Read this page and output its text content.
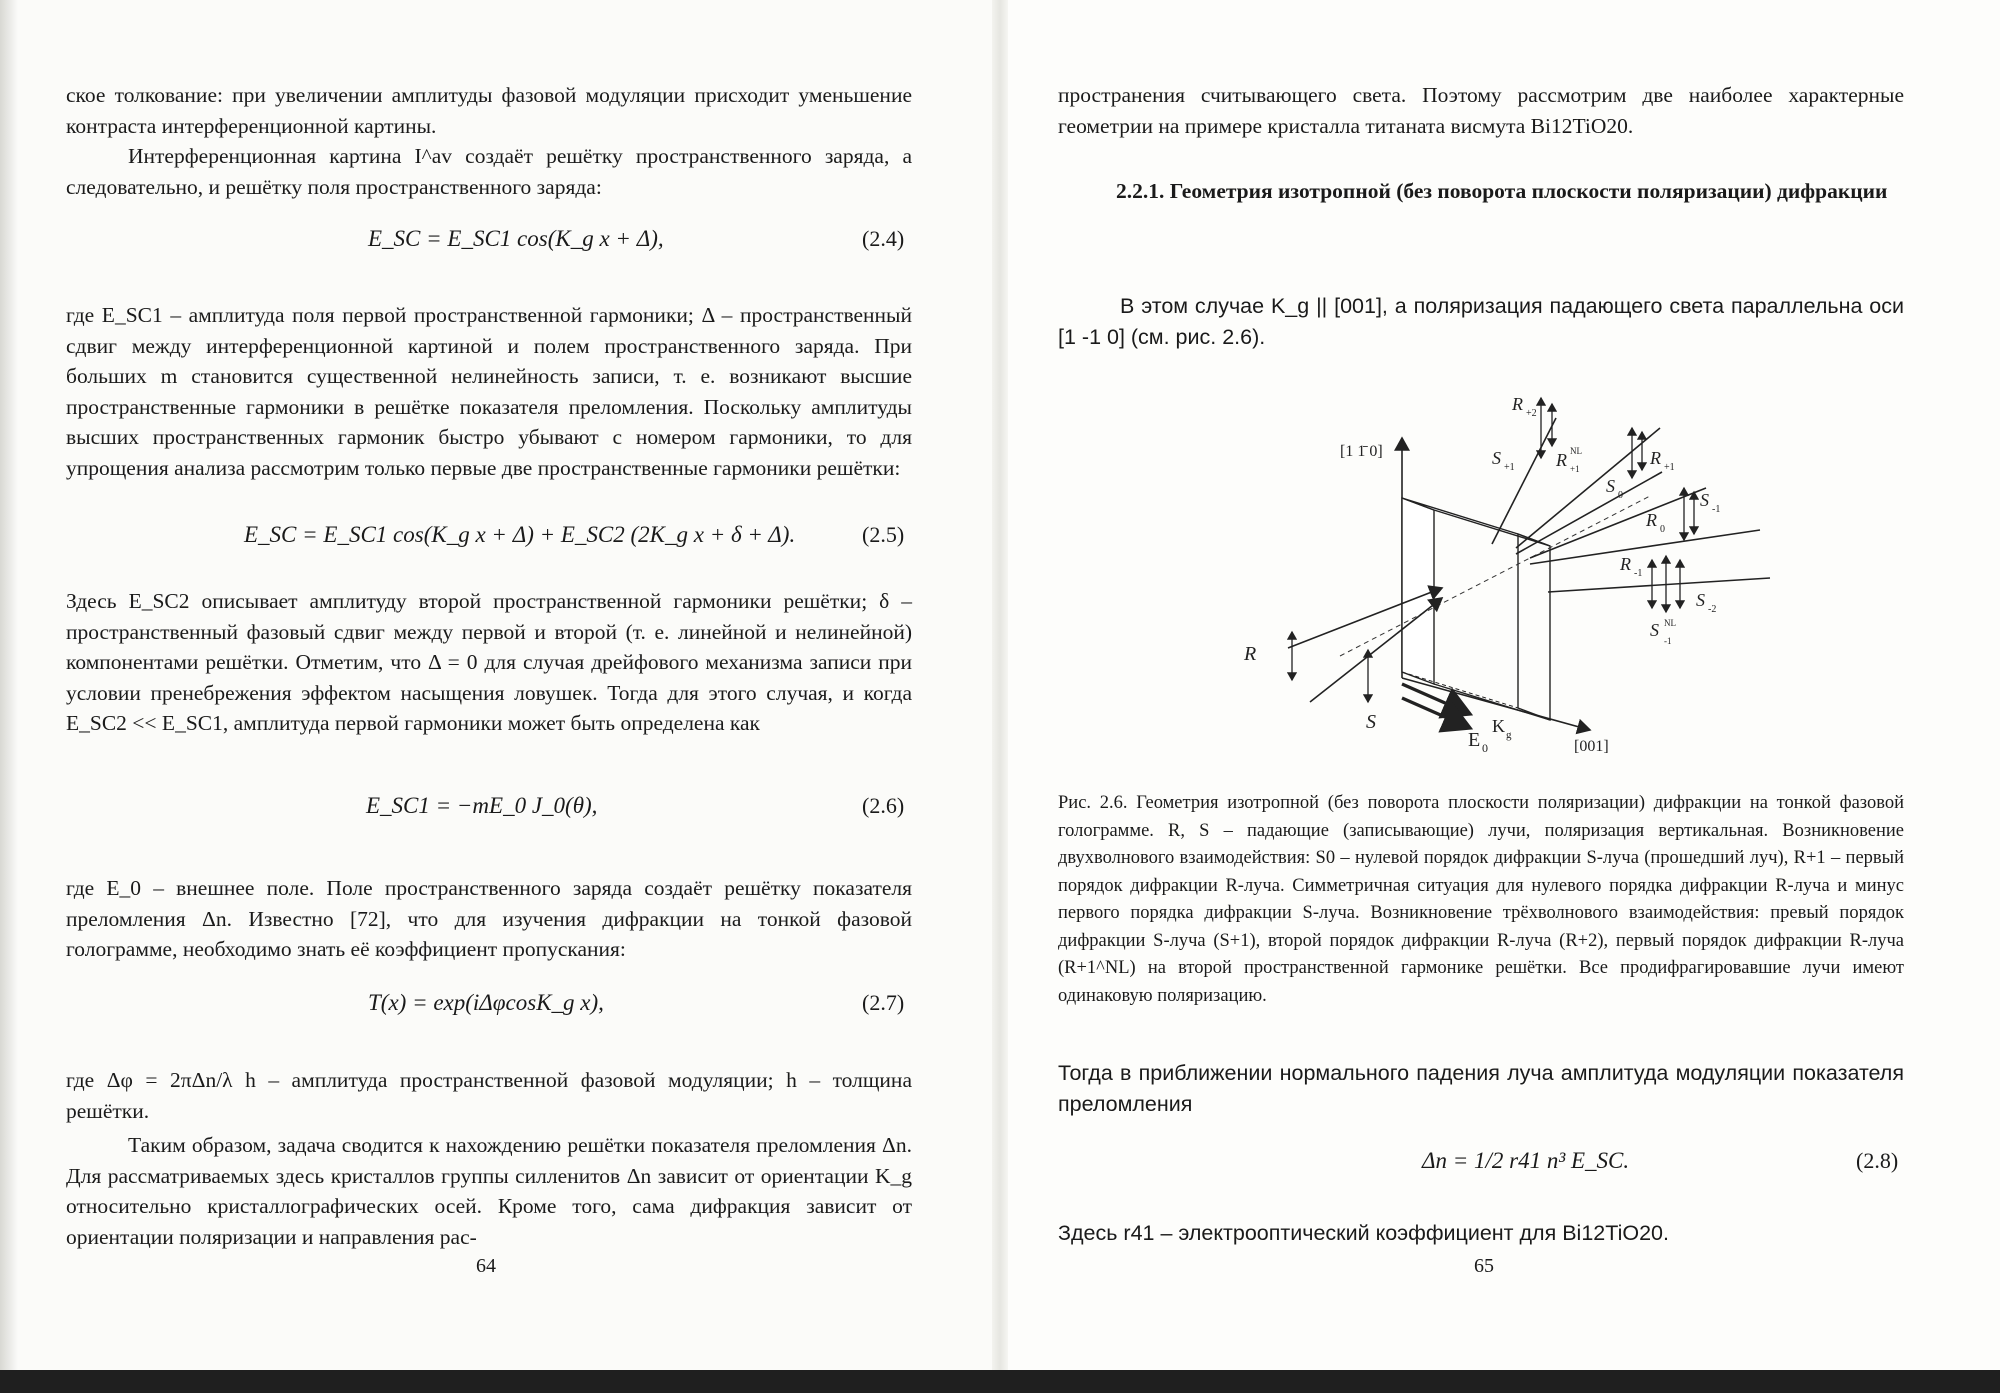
ское толкование: при увеличении амплитуды фазовой модуляции присходит уменьшение контраста интерференционной картины.

Интерференционная картина I^av создаёт решётку пространственного заряда, а следовательно, и решётку поля пространственного заряда:

E_SC = E_SC1 cos(K_g x + Δ),	(2.4)

где E_SC1 – амплитуда поля первой пространственной гармоники; Δ – пространственный сдвиг между интерференционной картиной и полем пространственного заряда. При больших m становится существенной нелинейность записи, т. е. возникают высшие пространственные гармоники в решётке показателя преломления. Поскольку амплитуды высших пространственных гармоник быстро убывают с номером гармоники, то для упрощения анализа рассмотрим только первые две пространственные гармоники решётки:

E_SC = E_SC1 cos(K_g x + Δ) + E_SC2 (2K_g x + δ + Δ).	(2.5)

Здесь E_SC2 описывает амплитуду второй пространственной гармоники решётки; δ – пространственный фазовый сдвиг между первой и второй (т. е. линейной и нелинейной) компонентами решётки. Отметим, что Δ = 0 для случая дрейфового механизма записи при условии пренебрежения эффектом насыщения ловушек. Тогда для этого случая, и когда E_SC2 << E_SC1, амплитуда первой гармоники может быть определена как

E_SC1 = −mE_0 J_0(θ),	(2.6)

где E_0 – внешнее поле. Поле пространственного заряда создаёт решётку показателя преломления Δn. Известно [72], что для изучения дифракции на тонкой фазовой голограмме, необходимо знать её коэффициент пропускания:

T(x) = exp(iΔφcosK_g x),	(2.7)

где Δφ = 2πΔn/λ h – амплитуда пространственной фазовой модуляции; h – толщина решётки.

Таким образом, задача сводится к нахождению решётки показателя преломления Δn. Для рассматриваемых здесь кристаллов группы силленитов Δn зависит от ориентации K_g относительно кристаллографических осей. Кроме того, сама дифракция зависит от ориентации поляризации и направления рас-

64

пространения считывающего света. Поэтому рассмотрим две наиболее характерные геометрии на примере кристалла титаната висмута Bi12TiO20.

2.2.1. Геометрия изотропной (без поворота плоскости поляризации) дифракции

В этом случае K_g || [001], а поляризация падающего света параллельна оси [1 -1 0] (см. рис. 2.6).

[1 1̄ 0]
[001]
R
S
E 0
K g
R +2
S +1 R NL
+1
S 0
R +1
S -1
R 0
R -1
S -2
S NL
-1
Рис. 2.6. Геометрия изотропной (без поворота плоскости поляризации) дифракции на тонкой фазовой голограмме. R, S – падающие (записывающие) лучи, поляризация вертикальная. Возникновение двухволнового взаимодействия: S0 – нулевой порядок дифракции S-луча (прошедший луч), R+1 – первый порядок дифракции R-луча. Симметричная ситуация для нулевого порядка дифракции R-луча и минус первого порядка дифракции S-луча. Возникновение трёхволнового взаимодействия: превый порядок дифракции S-луча (S+1), второй порядок дифракции R-луча (R+2), первый порядок дифракции R-луча (R+1^NL) на второй пространственной гармонике решётки. Все продифрагировавшие лучи имеют одинаковую поляризацию.

Тогда в приближении нормального падения луча амплитуда модуляции показателя преломления

Δn = 1/2 r41 n³ E_SC.	(2.8)

Здесь r41 – электрооптический коэффициент для Bi12TiO20.

65
